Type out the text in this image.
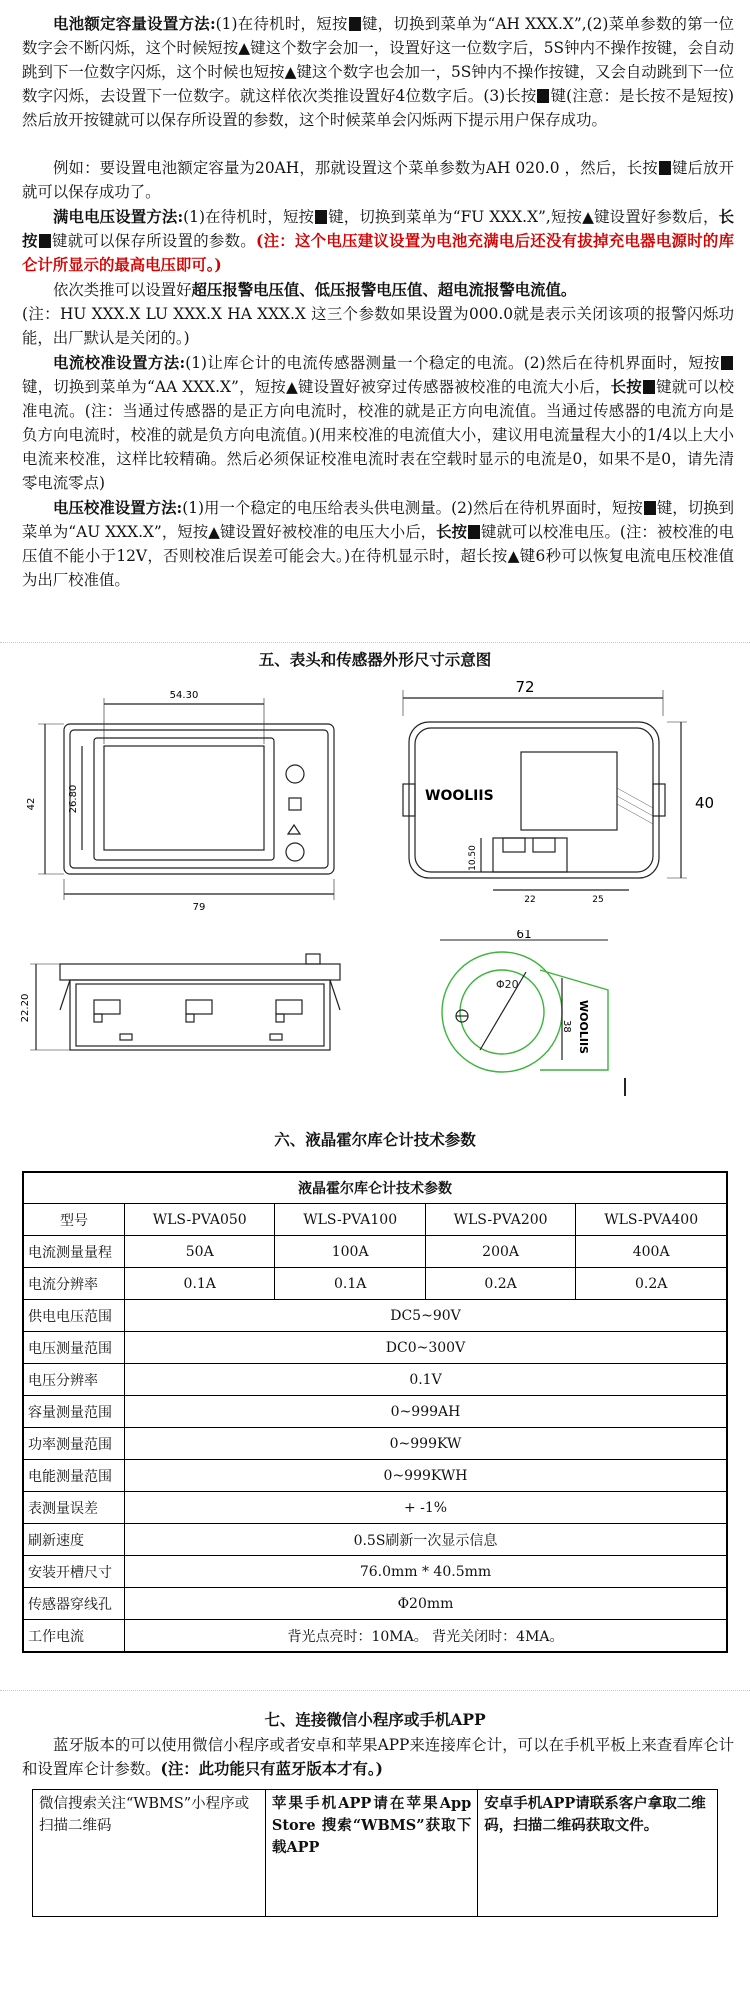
电池额定容量设置方法:(1)在待机时，短按 键，切换到菜单为“AH XXX.X”,(2)菜单参数的第一位数字会不断闪烁，这个时候短按▲键这个数字会加一，设置好这一位数字后，5S钟内不操作按键，会自动跳到下一位数字闪烁，这个时候也短按▲键这个数字也会加一，5S钟内不操作按键，又会自动跳到下一位数字闪烁，去设置下一位数字。就这样依次类推设置好4位数字后。(3)长按 键(注意：是长按不是短按)然后放开按键就可以保存所设置的参数，这个时候菜单会闪烁两下提示用户保存成功。
例如：要设置电池额定容量为20AH，那就设置这个菜单参数为AH 020.0 ，然后，长按 键后放开就可以保存成功了。
满电电压设置方法:(1)在待机时，短按 键，切换到菜单为“FU XXX.X”,短按▲键设置好参数后，长按 键就可以保存所设置的参数。(注：这个电压建议设置为电池充满电后还没有拔掉充电器电源时的库仑计所显示的最高电压即可。)
依次类推可以设置好超压报警电压值、低压报警电压值、超电流报警电流值。
(注：HU XXX.X LU XXX.X HA XXX.X 这三个参数如果设置为000.0就是表示关闭该项的报警闪烁功能，出厂默认是关闭的。)
电流校准设置方法:(1)让库仑计的电流传感器测量一个稳定的电流。(2)然后在待机界面时，短按键，切换到菜单为“AA XXX.X”，短按▲键设置好被穿过传感器被校准的电流大小后，长按 键就可以校准电流。(注：当通过传感器的是正方向电流时，校准的就是正方向电流值。当通过传感器的电流方向是负方向电流时，校准的就是负方向电流值。)(用来校准的电流值大小，建议用电流量程大小的1/4以上大小电流来校准，这样比较精确。然后必须保证校准电流时表在空载时显示的电流是0，如果不是0，请先清零电流零点)
电压校准设置方法:(1)用一个稳定的电压给表头供电测量。(2)然后在待机界面时，短按 键，切换到菜单为“AU XXX.X”，短按▲键设置好被校准的电压大小后，长按 键就可以校准电压。(注：被校准的电压值不能小于12V，否则校准后误差可能会大。)在待机显示时，超长按▲键6秒可以恢复电流电压校准值为出厂校准值。
五、表头和传感器外形尺寸示意图
54.30
42	26.80
79
WOOLIIS
72
40
10.50
22	25
22.20
61
Φ20
38 WOOLIIS
六、液晶霍尔库仑计技术参数
液晶霍尔库仑计技术参数				
型号	WLS-PVA050	WLS-PVA100	WLS-PVA200	WLS-PVA400
电流测量量程	50A	100A	200A	400A
电流分辨率	0.1A	0.1A	0.2A	0.2A
供电电压范围	DC5~90V			
电压测量范围	DC0~300V			
电压分辨率	0.1V			
容量测量范围	0~999AH			
功率测量范围	0~999KW			
电能测量范围	0~999KWH			
表测量误差	+ -1%			
刷新速度	0.5S刷新一次显示信息			
安装开槽尺寸	76.0mm * 40.5mm			
传感器穿线孔	Φ20mm			
工作电流	背光点亮时：10MA。 背光关闭时：4MA。			
七、连接微信小程序或手机APP
蓝牙版本的可以使用微信小程序或者安卓和苹果APP来连接库仑计，可以在手机平板上来查看库仑计和设置库仑计参数。(注：此功能只有蓝牙版本才有。)
微信搜索关注“WBMS”小程序或扫描二维码	苹果手机APP请在苹果App Store 搜索“WBMS”获取下载APP	安卓手机APP请联系客户拿取二维码，扫描二维码获取文件。
